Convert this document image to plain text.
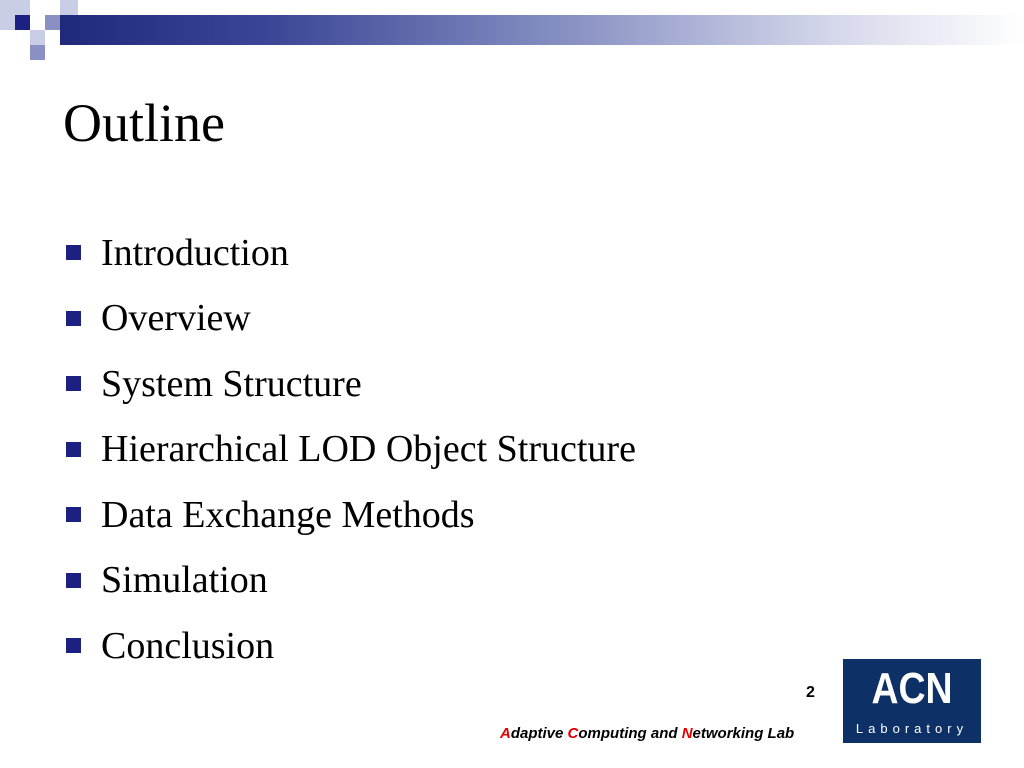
Outline
Introduction
Overview
System Structure
Hierarchical LOD Object Structure
Data Exchange Methods
Simulation
Conclusion
2
Adaptive Computing and Networking Lab
ACN
Laboratory
